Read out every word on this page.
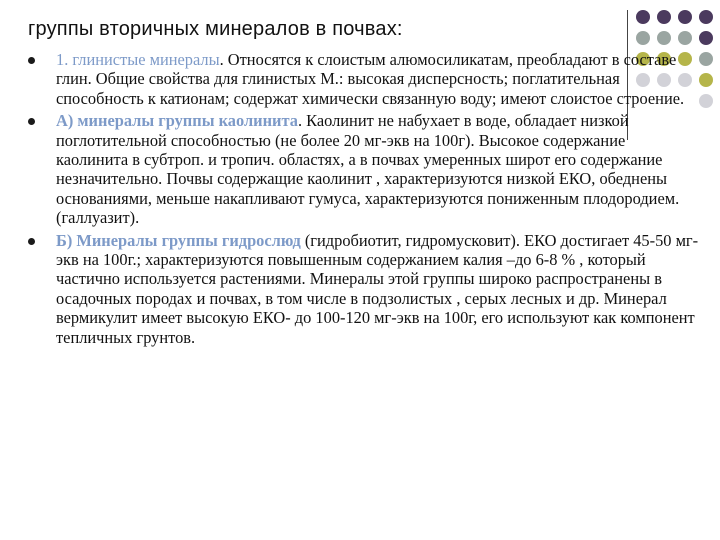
группы вторичных минералов в почвах:
1. глинистые минералы. Относятся к слоистым алюмосиликатам, преобладают в составе глин. Общие свойства для глинистых М.: высокая дисперсность; поглатительная способность к катионам; содержат химически связанную воду; имеют слоистое строение.
А) минералы группы каолинита. Каолинит не набухает в воде, обладает низкой поглотительной способностью (не более 20 мг-экв на 100г). Высокое содержание каолинита в субтроп. и тропич. областях, а в почвах умеренных широт его содержание незначительно. Почвы содержащие каолинит , характеризуются низкой ЕКО, обеднены основаниями, меньше накапливают гумуса, характеризуются пониженным плодородием. (галлуазит).
Б) Минералы группы гидрослюд (гидробиотит, гидромусковит). ЕКО достигает 45-50 мг-экв на 100г.; характеризуются повышенным содержанием калия –до 6-8 % , который частично используется растениями. Минералы этой группы широко распространены в осадочных породах и почвах, в том числе в подзолистых , серых лесных и др. Минерал вермикулит имеет высокую ЕКО- до 100-120 мг-экв на 100г, его используют как компонент тепличных грунтов.
